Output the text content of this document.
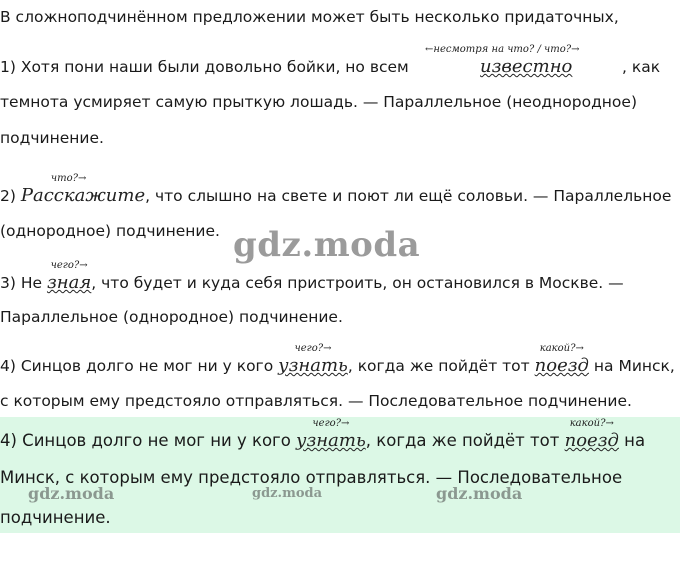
В сложноподчинённом предложении может быть несколько придаточных,
1) Хотя пони наши были довольно бойки, но всем
←несмотря на что? / что?→
известно	, как
темнота усмиряет самую прыткую лошадь. — Параллельное (неоднородное)
подчинение.
2)
что?→
Расскажите, что слышно на свете и поют ли ещё соловьи. — Параллельное
(однородное) подчинение. gdz.moda
3) Не
чего?→
зная, что будет и куда себя пристроить, он остановился в Москве. —
Параллельное (однородное) подчинение.
4) Синцов долго не мог ни у кого
чего?→
узнать, когда же пойдёт тот
какой?→
поезд на Минск,
с которым ему предстояло отправляться. — Последовательное подчинение.
4) Синцов долго не мог ни у кого
чего?→
узнать, когда же пойдёт тот
какой?→
поезд на
Минск, с которым ему предстояло отправляться. — Последовательное
подчинение.
gdz.moda	gdz.moda	gdz.moda
